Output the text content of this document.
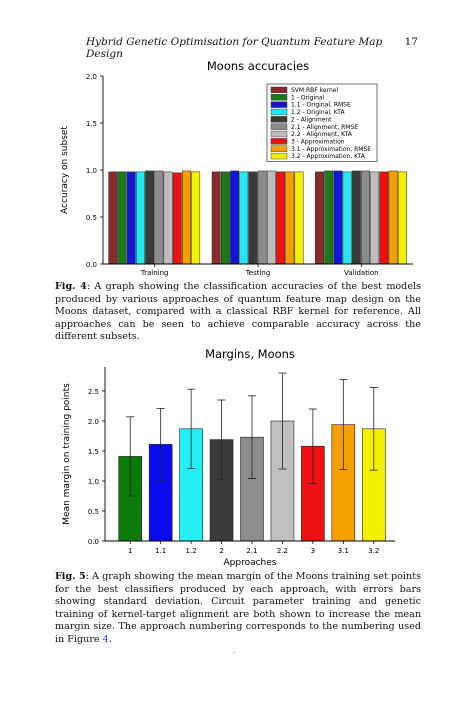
Hybrid Genetic Optimisation for Quantum Feature Map Design
17
Moons accuracies
Accuracy on subset
0.0
0.5
1.0
1.5
2.0
Training	Testing	Validation
SVM RBF kernel
1 - Original
1.1 - Original, RMSE
1.2 - Original, KTA
2 - Alignment
2.1 - Alignment, RMSE
2.2 - Alignment, KTA
3 - Approximation
3.1 - Approximation, RMSE
3.2 - Approximation, KTA
Fig. 4: A graph showing the classification accuracies of the best models produced by various approaches of quantum feature map design on the Moons dataset, compared with a classical RBF kernel for reference. All approaches can be seen to achieve comparable accuracy across the different subsets.
Margins, Moons
Mean margin on training points
Approaches
0.0
0.5
1.0
1.5
2.0
2.5
1	1.1	1.2	2	2.1	2.2	3	3.1	3.2
Fig. 5: A graph showing the mean margin of the Moons training set points for the best classifiers produced by each approach, with errors bars showing standard deviation. Circuit parameter training and genetic training of kernel-target alignment are both shown to increase the mean margin size. The approach numbering corresponds to the numbering used in Figure 4.
.
